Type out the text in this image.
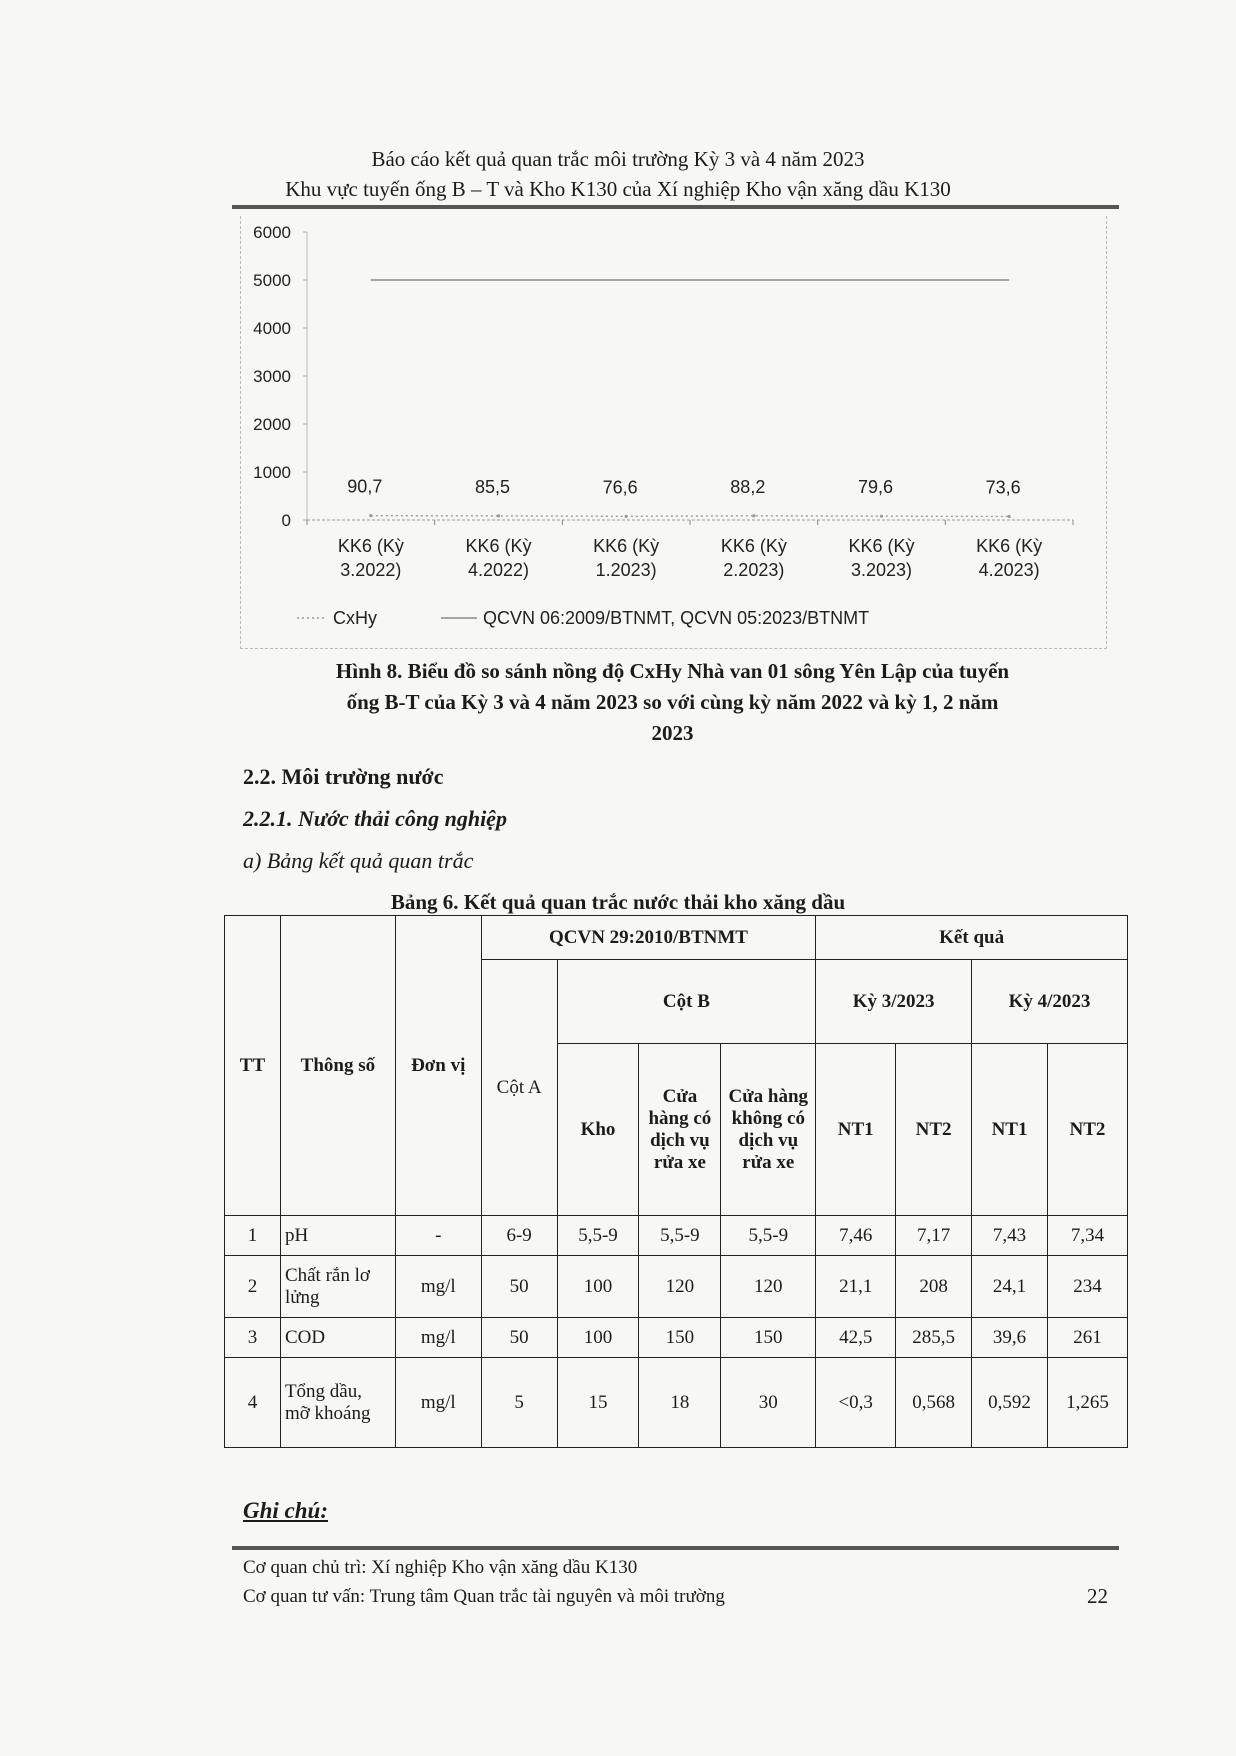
Báo cáo kết quả quan trắc môi trường Kỳ 3 và 4 năm 2023
Khu vực tuyến ống B – T và Kho K130 của Xí nghiệp Kho vận xăng dầu K130
0
1000
2000
3000
4000
5000
6000
KK6 (Kỳ
3.2022)
KK6 (Kỳ
4.2022)
KK6 (Kỳ
1.2023)
KK6 (Kỳ
2.2023)
KK6 (Kỳ
3.2023)
KK6 (Kỳ
4.2023)
90,7	85,5	76,6	88,2	79,6	73,6
CxHy	QCVN 06:2009/BTNMT, QCVN 05:2023/BTNMT
Hình 8. Biểu đồ so sánh nồng độ CxHy Nhà van 01 sông Yên Lập của tuyến
ống B-T của Kỳ 3 và 4 năm 2023 so với cùng kỳ năm 2022 và kỳ 1, 2 năm
2023
2.2. Môi trường nước
2.2.1. Nước thải công nghiệp
a) Bảng kết quả quan trắc
Bảng 6. Kết quả quan trắc nước thải kho xăng dầu
TT	Thông số	Đơn vị	QCVN 29:2010/BTNMT				Kết quả			
			Cột A	Cột B			Kỳ 3/2023		Kỳ 4/2023	
				Kho	Cửa hàng có dịch vụ rửa xe	Cửa hàng không có dịch vụ rửa xe	NT1	NT2	NT1	NT2
1	pH	-	6-9	5,5-9	5,5-9	5,5-9	7,46	7,17	7,43	7,34
2	Chất rắn lơ lửng	mg/l	50	100	120	120	21,1	208	24,1	234
3	COD	mg/l	50	100	150	150	42,5	285,5	39,6	261
4	Tổng dầu, mỡ khoáng	mg/l	5	15	18	30	<0,3	0,568	0,592	1,265
Ghi chú:
Cơ quan chủ trì: Xí nghiệp Kho vận xăng dầu K130
Cơ quan tư vấn: Trung tâm Quan trắc tài nguyên và môi trường	22
